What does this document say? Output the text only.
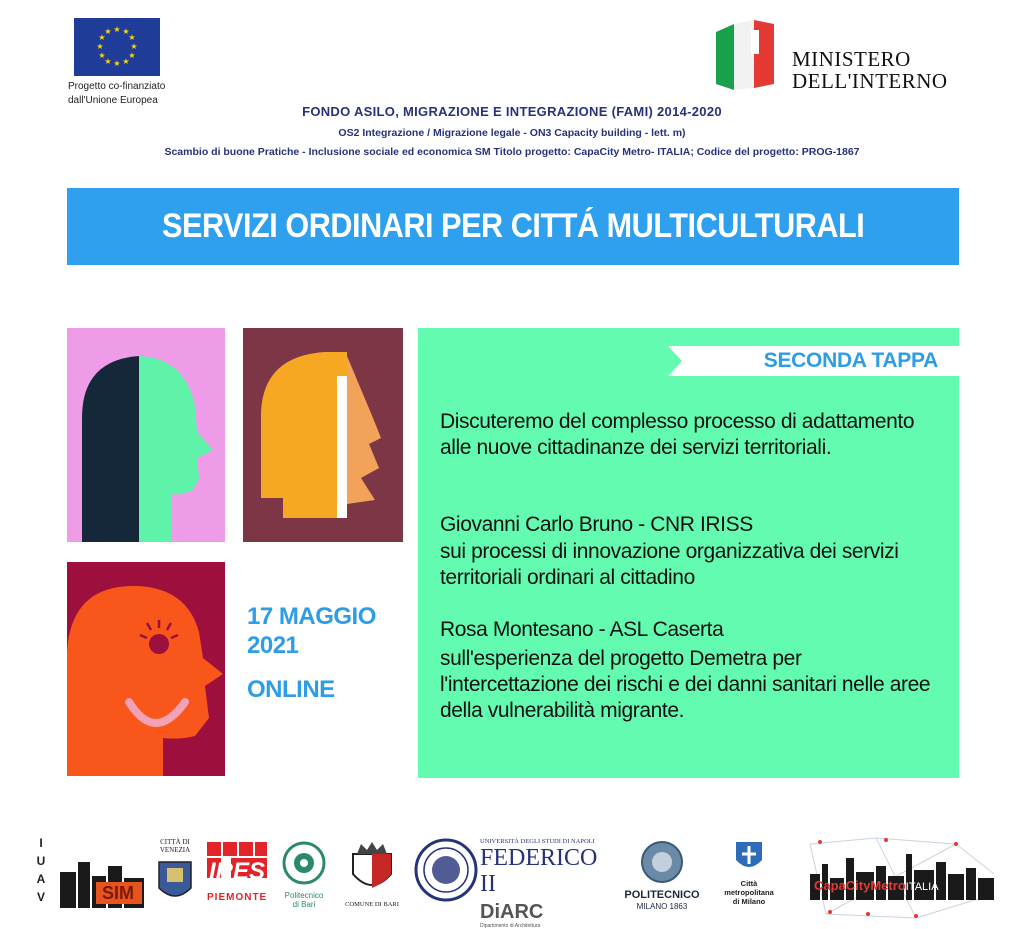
★ ★
★
★
★
★
★
★
★
★
★
★
Progetto co-finanziato
dall'Unione Europea
MINISTERO
DELL'INTERNO
FONDO ASILO, MIGRAZIONE E INTEGRAZIONE (FAMI) 2014-2020
OS2 Integrazione / Migrazione legale - ON3 Capacity building - lett. m)
Scambio di buone Pratiche - Inclusione sociale ed economica SM Titolo progetto: CapaCity Metro- ITALIA; Codice del progetto: PROG-1867
SERVIZI ORDINARI PER CITTÁ MULTICULTURALI
17 MAGGIO
2021
ONLINE
SECONDA TAPPA
Discuteremo del complesso processo di adattamento alle nuove cittadinanze dei servizi territoriali.
Giovanni Carlo Bruno - CNR IRISS
sui processi di innovazione organizzativa dei servizi territoriali ordinari al cittadino
Rosa Montesano - ASL Caserta
sull'esperienza del progetto Demetra per l'intercettazione dei rischi e dei danni sanitari nelle aree della vulnerabilità migrante.
IUAV	SIM
CITTÀ DI VENEZIA
IRES
PIEMONTE	Politecnico
di Bari	COMUNE DI BARI
UNIVERSITÀ DEGLI STUDI DI NAPOLI
FEDERICO II
DiARC
Dipartimento di Architettura
POLITECNICO
MILANO 1863
Città
metropolitana
di Milano
CapaCityMetroITALIA
